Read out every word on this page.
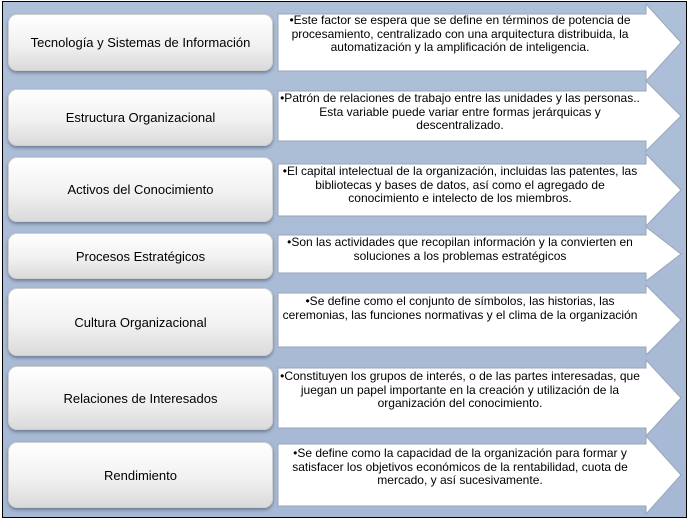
Tecnología y Sistemas de Información
•Este factor se espera que se define en términos de potencia de procesamiento, centralizado con una arquitectura distribuida, la automatización y la amplificación de inteligencia.
Estructura Organizacional
•Patrón de relaciones de trabajo entre las unidades y las personas.. Esta variable puede variar entre formas jerárquicas y descentralizado.
Activos del Conocimiento
•El capital intelectual de la organización, incluidas las patentes, las bibliotecas y bases de datos, así como el agregado de conocimiento e intelecto de los miembros.
Procesos Estratégicos
•Son las actividades que recopilan información y la convierten en soluciones a los problemas estratégicos
Cultura Organizacional
•Se define como el conjunto de símbolos, las historias, las ceremonias, las funciones normativas y el clima de la organización
Relaciones de Interesados
•Constituyen los grupos de interés, o de las partes interesadas, que juegan un papel importante en la creación y utilización de la organización del conocimiento.
Rendimiento
•Se define como la capacidad de la organización para formar y satisfacer los objetivos económicos de la rentabilidad, cuota de mercado, y así sucesivamente.
